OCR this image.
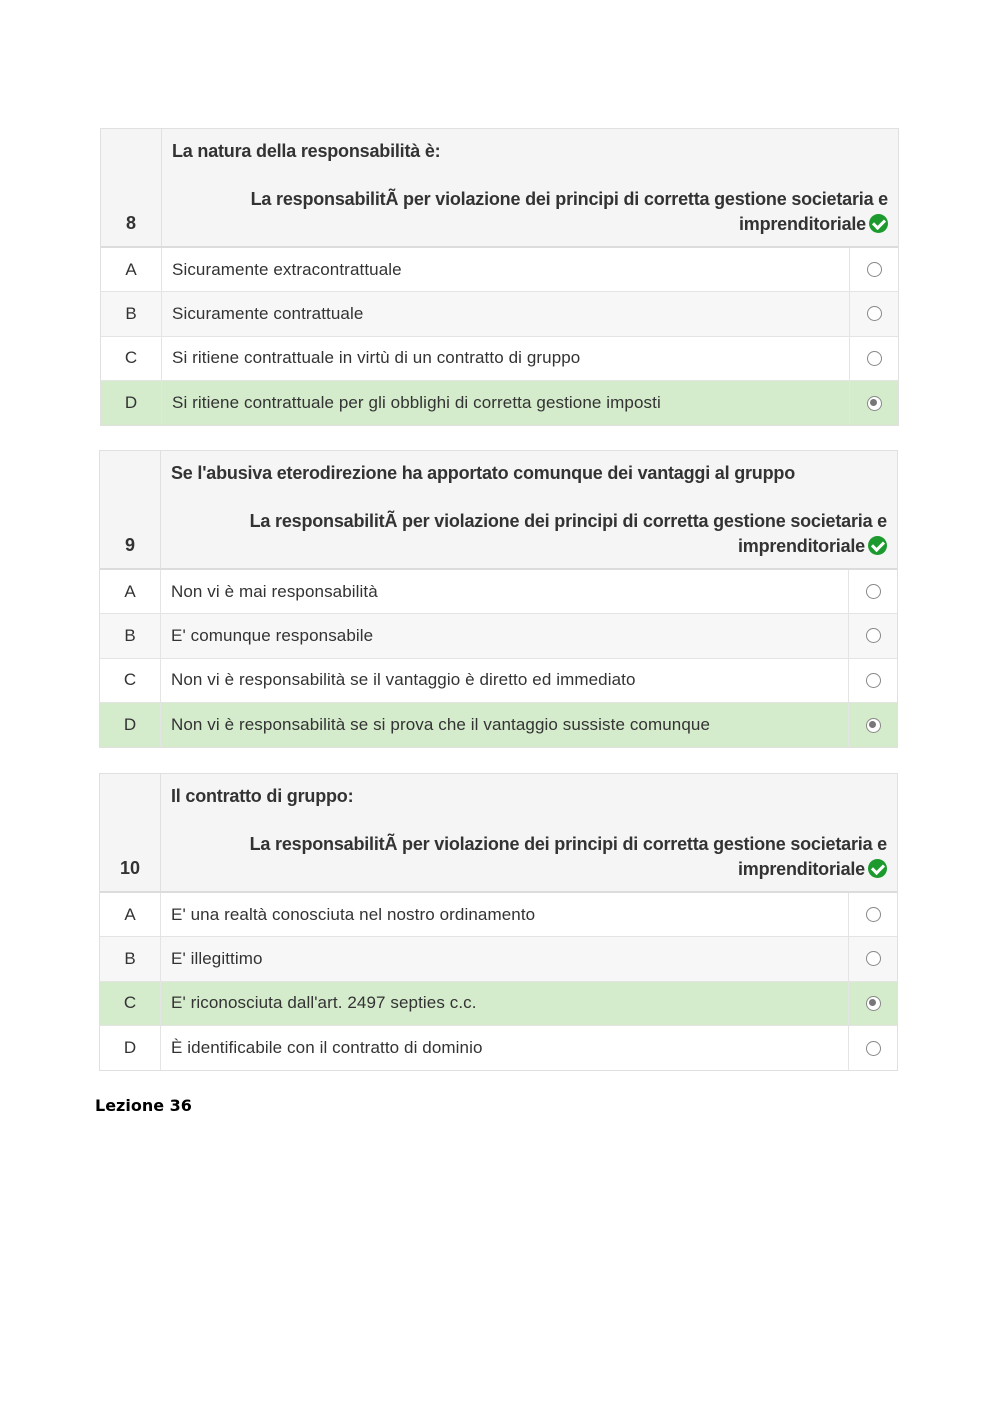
8
La natura della responsabilità è:
La responsabilitÃ per violazione dei principi di corretta gestione societaria e imprenditoriale
A	Sicuramente extracontrattuale
B	Sicuramente contrattuale
C	Si ritiene contrattuale in virtù di un contratto di gruppo
D	Si ritiene contrattuale per gli obblighi di corretta gestione imposti
9
Se l'abusiva eterodirezione ha apportato comunque dei vantaggi al gruppo
La responsabilitÃ per violazione dei principi di corretta gestione societaria e imprenditoriale
A	Non vi è mai responsabilità
B	E' comunque responsabile
C	Non vi è responsabilità se il vantaggio è diretto ed immediato
D	Non vi è responsabilità se si prova che il vantaggio sussiste comunque
10
Il contratto di gruppo:
La responsabilitÃ per violazione dei principi di corretta gestione societaria e imprenditoriale
A	E' una realtà conosciuta nel nostro ordinamento
B	E' illegittimo
C	E' riconosciuta dall'art. 2497 septies c.c.
D	È identificabile con il contratto di dominio
Lezione 36
